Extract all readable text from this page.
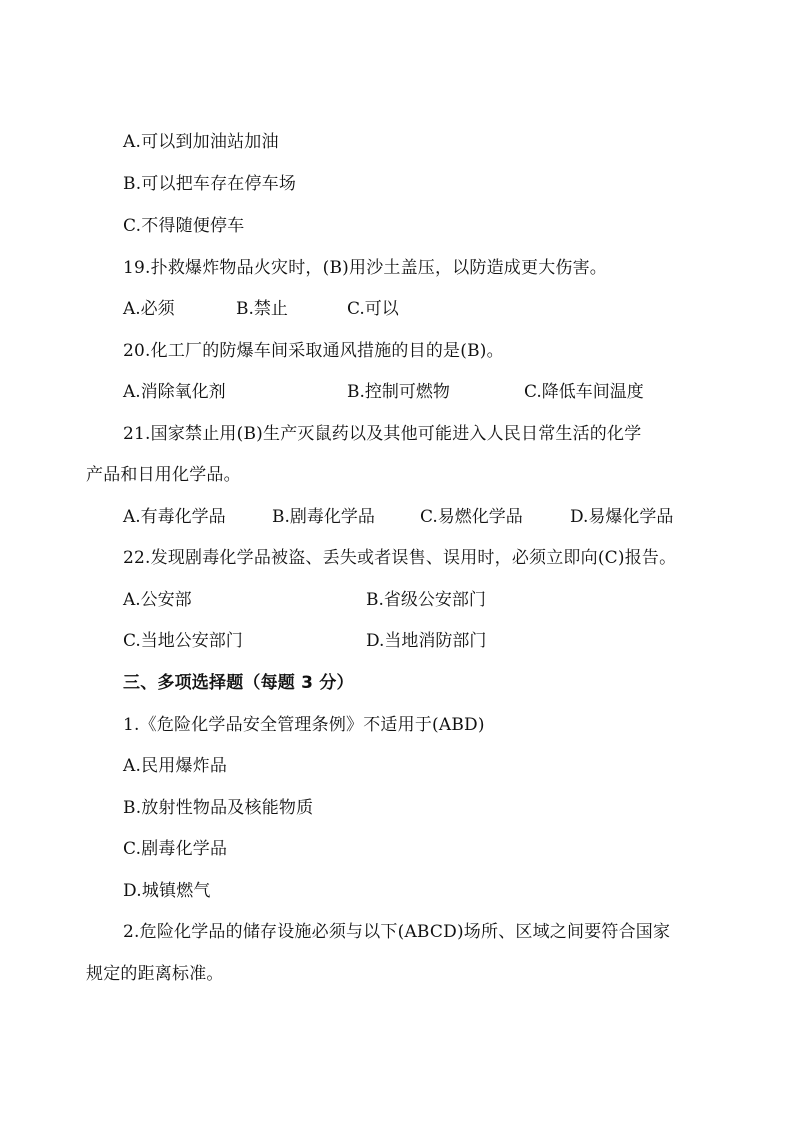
A.可以到加油站加油
B.可以把车存在停车场
C.不得随便停车
19.扑救爆炸物品火灾时，(B)用沙土盖压，以防造成更大伤害。
A.必须	B.禁止	C.可以
20.化工厂的防爆车间采取通风措施的目的是(B)。
A.消除氧化剂	B.控制可燃物	C.降低车间温度
21.国家禁止用(B)生产灭鼠药以及其他可能进入人民日常生活的化学
产品和日用化学品。
A.有毒化学品	B.剧毒化学品	C.易燃化学品	D.易爆化学品
22.发现剧毒化学品被盗、丢失或者误售、误用时，必须立即向(C)报告。
A.公安部	B.省级公安部门
C.当地公安部门	D.当地消防部门
三、多项选择题（每题 3 分）
1.《危险化学品安全管理条例》不适用于(ABD)
A.民用爆炸品
B.放射性物品及核能物质
C.剧毒化学品
D.城镇燃气
2.危险化学品的储存设施必须与以下(ABCD)场所、区域之间要符合国家
规定的距离标准。
